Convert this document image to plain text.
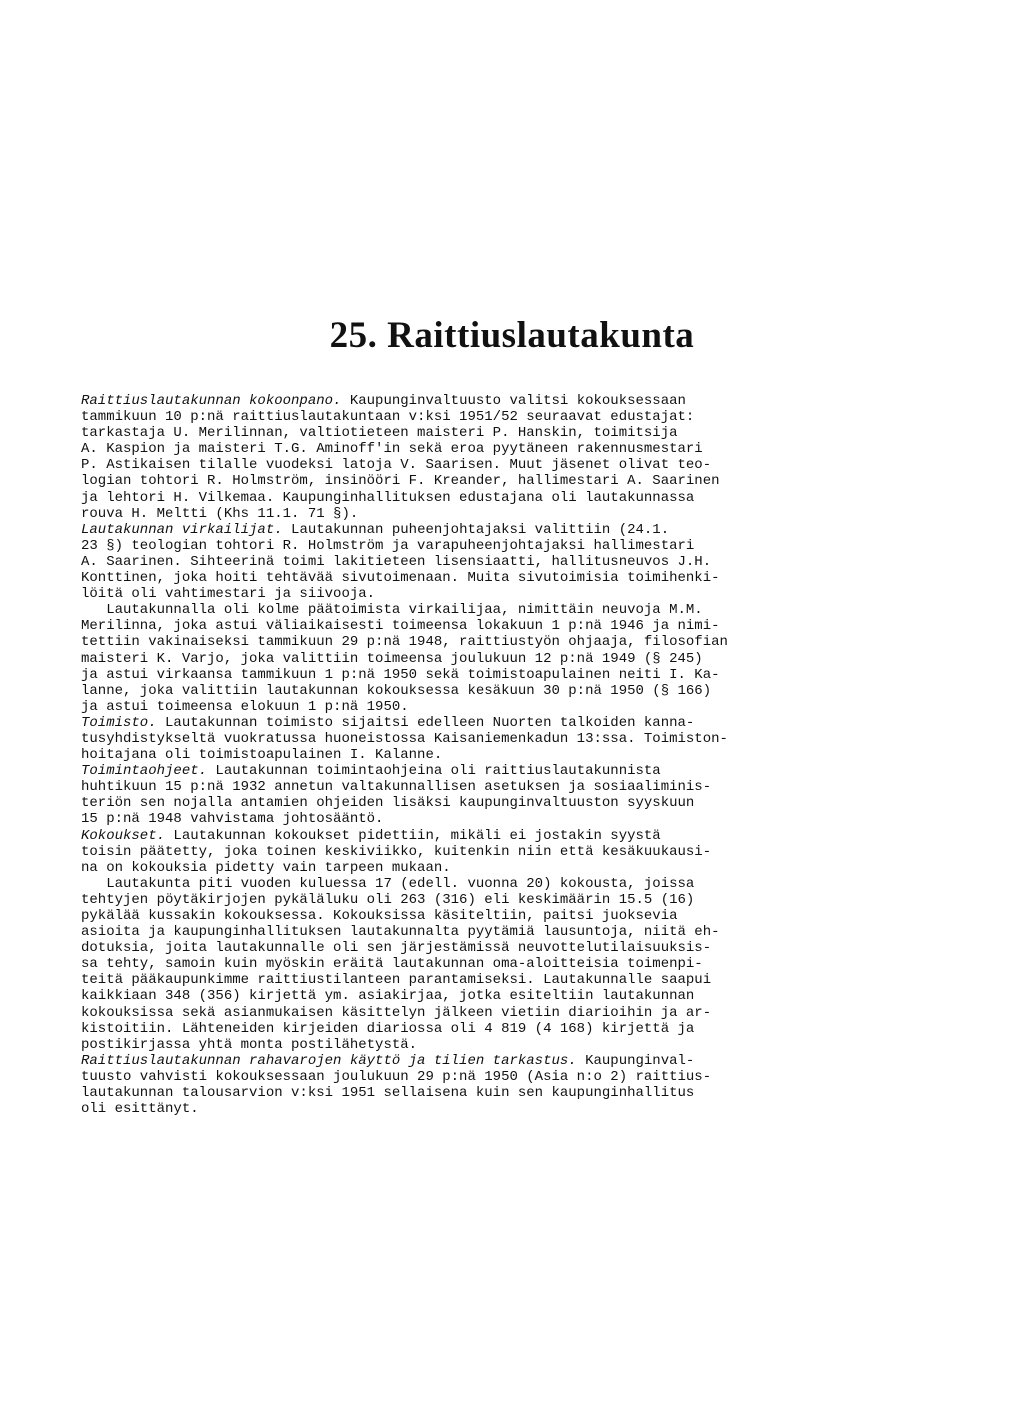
25. Raittiuslautakunta
Raittiuslautakunnan kokoonpano. Kaupunginvaltuusto valitsi kokouksessaan
tammikuun 10 p:nä raittiuslautakuntaan v:ksi 1951/52 seuraavat edustajat:
tarkastaja U. Merilinnan, valtiotieteen maisteri P. Hanskin, toimitsija
A. Kaspion ja maisteri T.G. Aminoff'in sekä eroa pyytäneen rakennusmestari
P. Astikaisen tilalle vuodeksi latoja V. Saarisen. Muut jäsenet olivat teo-
logian tohtori R. Holmström, insinööri F. Kreander, hallimestari A. Saarinen
ja lehtori H. Vilkemaa. Kaupunginhallituksen edustajana oli lautakunnassa
rouva H. Meltti (Khs 11.1. 71 §).
Lautakunnan virkailijat. Lautakunnan puheenjohtajaksi valittiin (24.1.
23 §) teologian tohtori R. Holmström ja varapuheenjohtajaksi hallimestari
A. Saarinen. Sihteerinä toimi lakitieteen lisensiaatti, hallitusneuvos J.H.
Konttinen, joka hoiti tehtävää sivutoimenaan. Muita sivutoimisia toimihenki-
löitä oli vahtimestari ja siivooja.
Lautakunnalla oli kolme päätoimista virkailijaa, nimittäin neuvoja M.M.
Merilinna, joka astui väliaikaisesti toimeensa lokakuun 1 p:nä 1946 ja nimi-
tettiin vakinaiseksi tammikuun 29 p:nä 1948, raittiustyön ohjaaja, filosofian
maisteri K. Varjo, joka valittiin toimeensa joulukuun 12 p:nä 1949 (§ 245)
ja astui virkaansa tammikuun 1 p:nä 1950 sekä toimistoapulainen neiti I. Ka-
lanne, joka valittiin lautakunnan kokouksessa kesäkuun 30 p:nä 1950 (§ 166)
ja astui toimeensa elokuun 1 p:nä 1950.
Toimisto. Lautakunnan toimisto sijaitsi edelleen Nuorten talkoiden kanna-
tusyhdistykseltä vuokratussa huoneistossa Kaisaniemenkadun 13:ssa. Toimiston-
hoitajana oli toimistoapulainen I. Kalanne.
Toimintaohjeet. Lautakunnan toimintaohjeina oli raittiuslautakunnista
huhtikuun 15 p:nä 1932 annetun valtakunnallisen asetuksen ja sosiaaliminis-
teriön sen nojalla antamien ohjeiden lisäksi kaupunginvaltuuston syyskuun
15 p:nä 1948 vahvistama johtosääntö.
Kokoukset. Lautakunnan kokoukset pidettiin, mikäli ei jostakin syystä
toisin päätetty, joka toinen keskiviikko, kuitenkin niin että kesäkuukausi-
na on kokouksia pidetty vain tarpeen mukaan.
Lautakunta piti vuoden kuluessa 17 (edell. vuonna 20) kokousta, joissa
tehtyjen pöytäkirjojen pykäläluku oli 263 (316) eli keskimäärin 15.5 (16)
pykälää kussakin kokouksessa. Kokouksissa käsiteltiin, paitsi juoksevia
asioita ja kaupunginhallituksen lautakunnalta pyytämiä lausuntoja, niitä eh-
dotuksia, joita lautakunnalle oli sen järjestämissä neuvottelutilaisuuksis-
sa tehty, samoin kuin myöskin eräitä lautakunnan oma-aloitteisia toimenpi-
teitä pääkaupunkimme raittiustilanteen parantamiseksi. Lautakunnalle saapui
kaikkiaan 348 (356) kirjettä ym. asiakirjaa, jotka esiteltiin lautakunnan
kokouksissa sekä asianmukaisen käsittelyn jälkeen vietiin diarioihin ja ar-
kistoitiin. Lähteneiden kirjeiden diariossa oli 4 819 (4 168) kirjettä ja
postikirjassa yhtä monta postilähetystä.
Raittiuslautakunnan rahavarojen käyttö ja tilien tarkastus. Kaupunginval-
tuusto vahvisti kokouksessaan joulukuun 29 p:nä 1950 (Asia n:o 2) raittius-
lautakunnan talousarvion v:ksi 1951 sellaisena kuin sen kaupunginhallitus
oli esittänyt.
